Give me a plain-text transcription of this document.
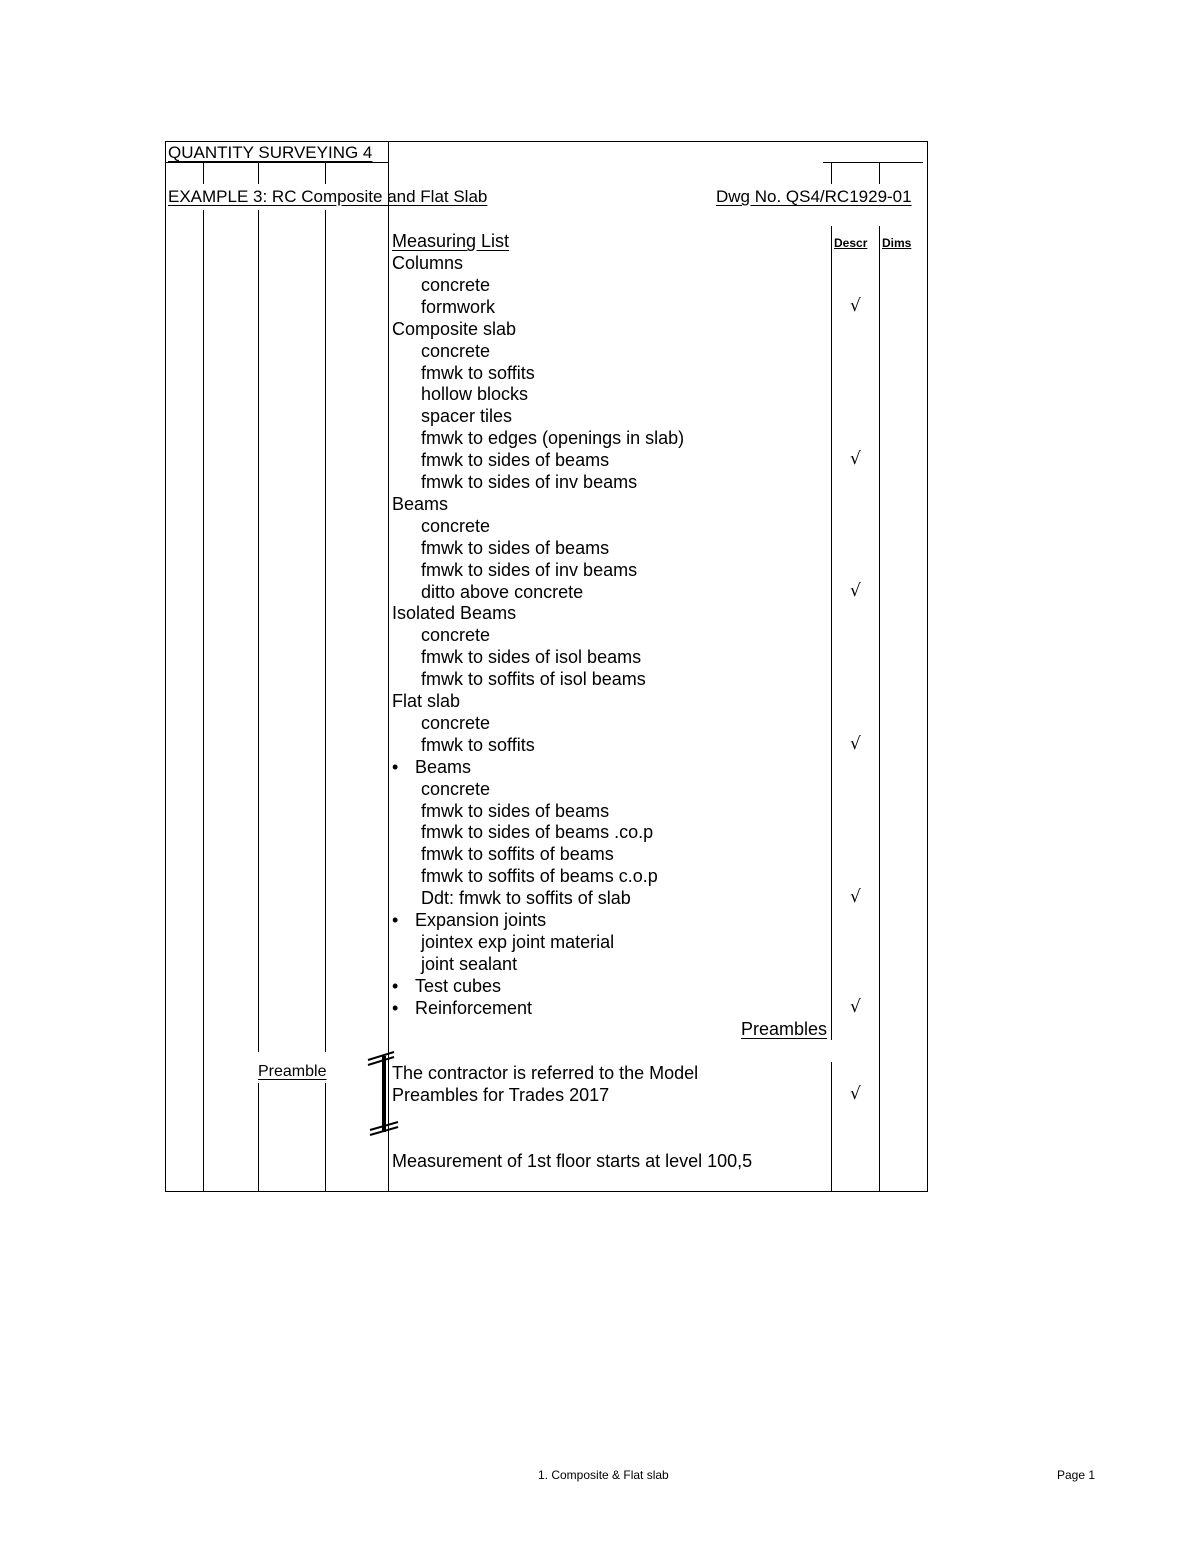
QUANTITY SURVEYING 4
EXAMPLE 3: RC Composite and Flat Slab	Dwg No. QS4/RC1929-01
Descr Dims
Measuring List
Columns
concrete
formwork	√
Composite slab
concrete
fmwk to soffits
hollow blocks
spacer tiles
fmwk to edges (openings in slab)
fmwk to sides of beams	√
fmwk to sides of inv beams
Beams
concrete
fmwk to sides of beams
fmwk to sides of inv beams
ditto above concrete	√
Isolated Beams
concrete
fmwk to sides of isol beams
fmwk to soffits of isol beams
Flat slab
concrete
fmwk to soffits	√
• Beams
concrete
fmwk to sides of beams
fmwk to sides of beams .co.p
fmwk to soffits of beams
fmwk to soffits of beams c.o.p
Ddt: fmwk to soffits of slab	√
• Expansion joints
jointex exp joint material
joint sealant
• Test cubes
• Reinforcement	√
Preambles
Preamble	The contractor is referred to the Model
Preambles for Trades 2017	√
Measurement of 1st floor starts at level 100,5
1. Composite & Flat slab	Page 1
